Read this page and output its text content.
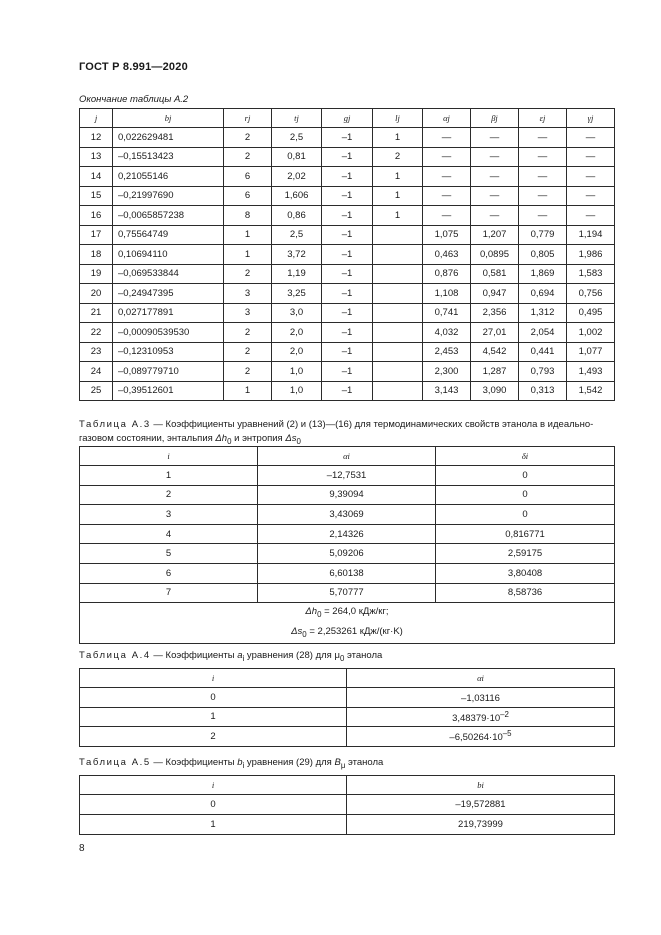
ГОСТ Р 8.991—2020
Окончание таблицы А.2
j	bj	rj	tj	gj	lj	αj	βj	εj	γj
12	0,022629481	2	2,5	–1	1	—	—	—	—
13	–0,15513423	2	0,81	–1	2	—	—	—	—
14	0,21055146	6	2,02	–1	1	—	—	—	—
15	–0,21997690	6	1,606	–1	1	—	—	—	—
16	–0,0065857238	8	0,86	–1	1	—	—	—	—
17	0,75564749	1	2,5	–1		1,075	1,207	0,779	1,194
18	0,10694110	1	3,72	–1		0,463	0,0895	0,805	1,986
19	–0,069533844	2	1,19	–1		0,876	0,581	1,869	1,583
20	–0,24947395	3	3,25	–1		1,108	0,947	0,694	0,756
21	0,027177891	3	3,0	–1		0,741	2,356	1,312	0,495
22	–0,00090539530	2	2,0	–1		4,032	27,01	2,054	1,002
23	–0,12310953	2	2,0	–1		2,453	4,542	0,441	1,077
24	–0,089779710	2	1,0	–1		2,300	1,287	0,793	1,493
25	–0,39512601	1	1,0	–1		3,143	3,090	0,313	1,542
Таблица А.3 — Коэффициенты уравнений (2) и (13)—(16) для термодинамических свойств этанола в идеально-газовом состоянии, энтальпия $\Delta h_0$ и энтропия $\Delta s_0$
i	αi	δi
1	–12,7531	0
2	9,39094	0
3	3,43069	0
4	2,14326	0,816771
5	5,09206	2,59175
6	6,60138	3,80408
7	5,70777	8,58736
$\Delta h_0 = 264,0$ кДж/кг;
$\Delta s_0 = 2,253261$ кДж/(кг·K)		
Таблица А.4 — Коэффициенты $a_i$ уравнения (28) для $\mu_0$ этанола
i	αi
0	–1,03116
1	$3,48379\cdot 10^{-2}$
2	$-6,50264\cdot 10^{-5}$
Таблица А.5 — Коэффициенты $b_i$ уравнения (29) для $B_\mu$ этанола
i	bi
0	–19,572881
1	219,73999
8
